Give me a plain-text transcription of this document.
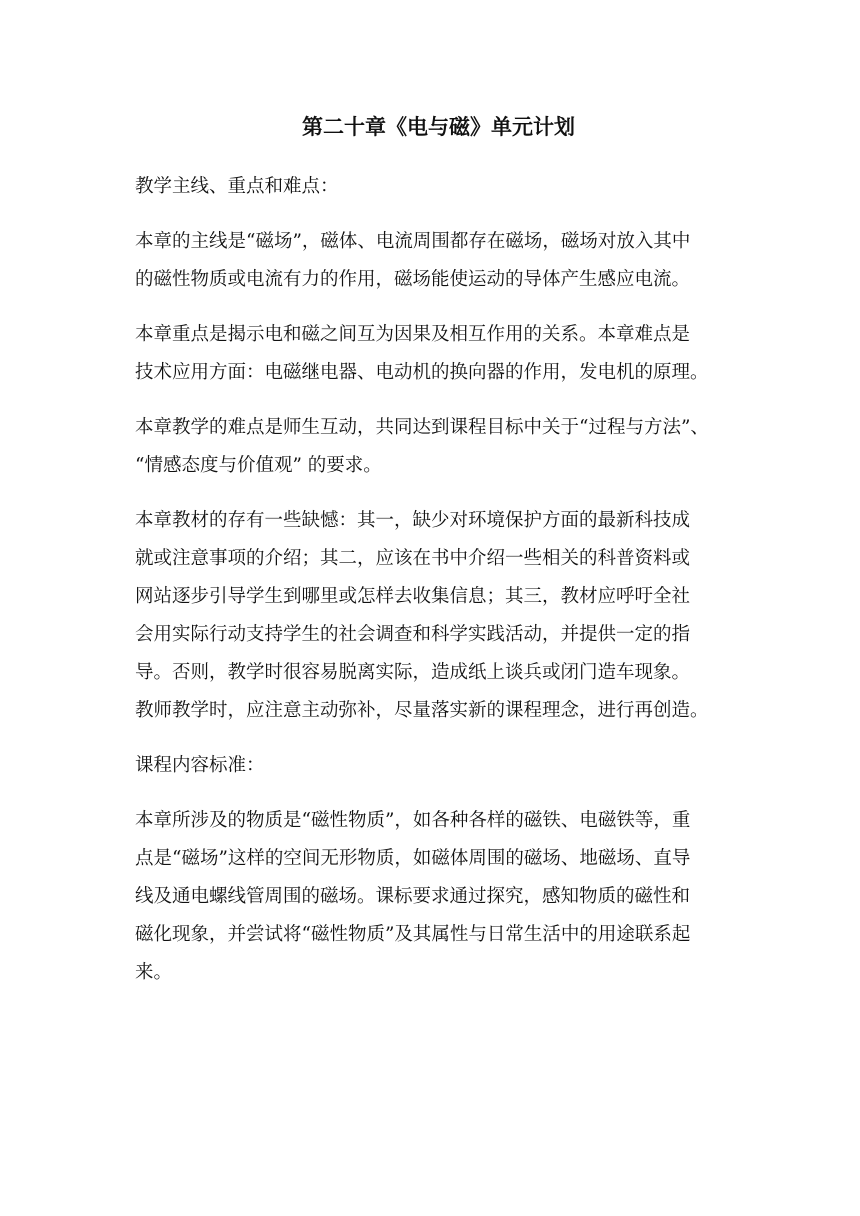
第二十章《电与磁》单元计划

教学主线、重点和难点：

本章的主线是“磁场”，磁体、电流周围都存在磁场，磁场对放入其中
的磁性物质或电流有力的作用，磁场能使运动的导体产生感应电流。

本章重点是揭示电和磁之间互为因果及相互作用的关系。本章难点是
技术应用方面：电磁继电器、电动机的换向器的作用，发电机的原理。

本章教学的难点是师生互动，共同达到课程目标中关于“过程与方法”、
“情感态度与价值观” 的要求。

本章教材的存有一些缺憾：其一，缺少对环境保护方面的最新科技成
就或注意事项的介绍；其二，应该在书中介绍一些相关的科普资料或
网站逐步引导学生到哪里或怎样去收集信息；其三，教材应呼吁全社
会用实际行动支持学生的社会调查和科学实践活动，并提供一定的指
导。否则，教学时很容易脱离实际，造成纸上谈兵或闭门造车现象。
教师教学时，应注意主动弥补，尽量落实新的课程理念，进行再创造。

课程内容标准：

本章所涉及的物质是“磁性物质”，如各种各样的磁铁、电磁铁等，重
点是“磁场”这样的空间无形物质，如磁体周围的磁场、地磁场、直导
线及通电螺线管周围的磁场。课标要求通过探究，感知物质的磁性和
磁化现象，并尝试将“磁性物质”及其属性与日常生活中的用途联系起
来。
